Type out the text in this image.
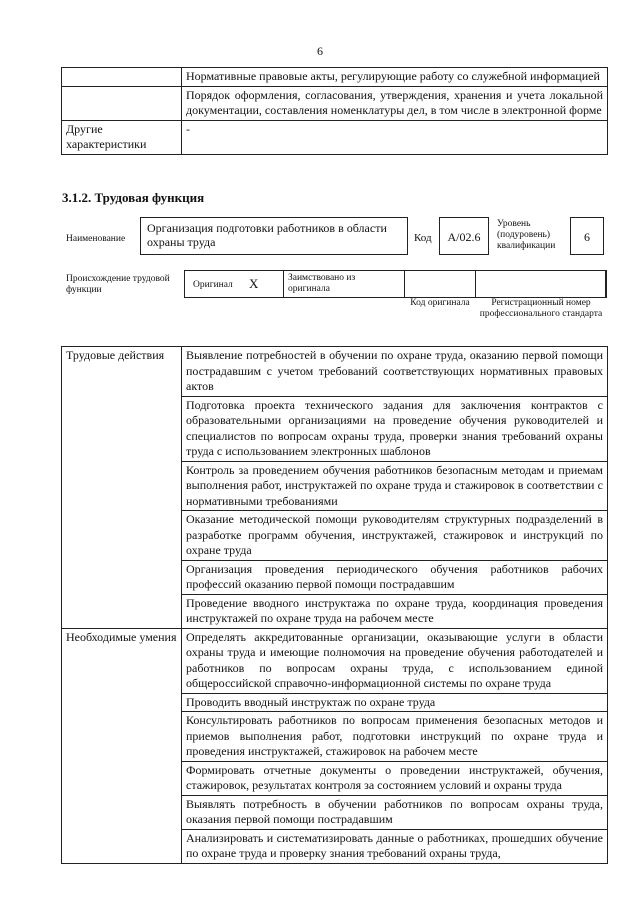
6
	Нормативные правовые акты, регулирующие работу со служебной информацией
	Порядок оформления, согласования, утверждения, хранения и учета локальной документации, составления номенклатуры дел, в том числе в электронной форме
Другие характеристики	-
3.1.2. Трудовая функция
Наименование
Организация подготовки работников в области охраны труда	Код	A/02.6
Уровень (подуровень) квалификации
6
Происхождение трудовой функции	Оригинал X	Заимствовано из оригинала
Код оригинала	Регистрационный номер профессионального стандарта
Трудовые действия	Выявление потребностей в обучении по охране труда, оказанию первой помощи пострадавшим с учетом требований соответствующих нормативных правовых актов
	Подготовка проекта технического задания для заключения контрактов с образовательными организациями на проведение обучения руководителей и специалистов по вопросам охраны труда, проверки знания требований охраны труда с использованием электронных шаблонов
	Контроль за проведением обучения работников безопасным методам и приемам выполнения работ, инструктажей по охране труда и стажировок в соответствии с нормативными требованиями
	Оказание методической помощи руководителям структурных подразделений в разработке программ обучения, инструктажей, стажировок и инструкций по охране труда
	Организация проведения периодического обучения работников рабочих профессий оказанию первой помощи пострадавшим
	Проведение вводного инструктажа по охране труда, координация проведения инструктажей по охране труда на рабочем месте
Необходимые умения	Определять аккредитованные организации, оказывающие услуги в области охраны труда и имеющие полномочия на проведение обучения работодателей и работников по вопросам охраны труда, с использованием единой общероссийской справочно-информационной системы по охране труда
	Проводить вводный инструктаж по охране труда
	Консультировать работников по вопросам применения безопасных методов и приемов выполнения работ, подготовки инструкций по охране труда и проведения инструктажей, стажировок на рабочем месте
	Формировать отчетные документы о проведении инструктажей, обучения, стажировок, результатах контроля за состоянием условий и охраны труда
	Выявлять потребность в обучении работников по вопросам охраны труда, оказания первой помощи пострадавшим
	Анализировать и систематизировать данные о работниках, прошедших обучение по охране труда и проверку знания требований охраны труда,
